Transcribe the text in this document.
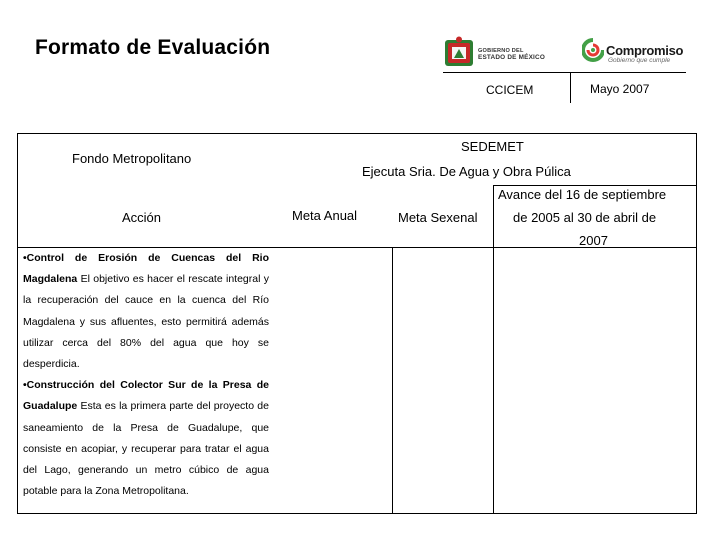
Formato de Evaluación	GOBIERNO DEL
ESTADO DE MÉXICO	Compromiso
Gobierno que cumple
CCICEM	Mayo 2007
Fondo Metropolitano
SEDEMET
Ejecuta Sria. De Agua y Obra Púlica
Acción	Meta Anual	Meta Sexenal
Avance del 16 de septiembre
de 2005 al 30 de abril de
2007

•Control de Erosión de Cuencas del Rio Magdalena El objetivo es hacer el rescate integral y la recuperación del cauce en la cuenca del Río Magdalena y sus afluentes, esto permitirá además utilizar cerca del 80% del agua que hoy se desperdicia.

•Construcción del Colector Sur de la Presa de Guadalupe Esta es la primera parte del proyecto de saneamiento de la Presa de Guadalupe, que consiste en acopiar, y recuperar para tratar el agua del Lago, generando un metro cúbico de agua potable para la Zona Metropolitana.
